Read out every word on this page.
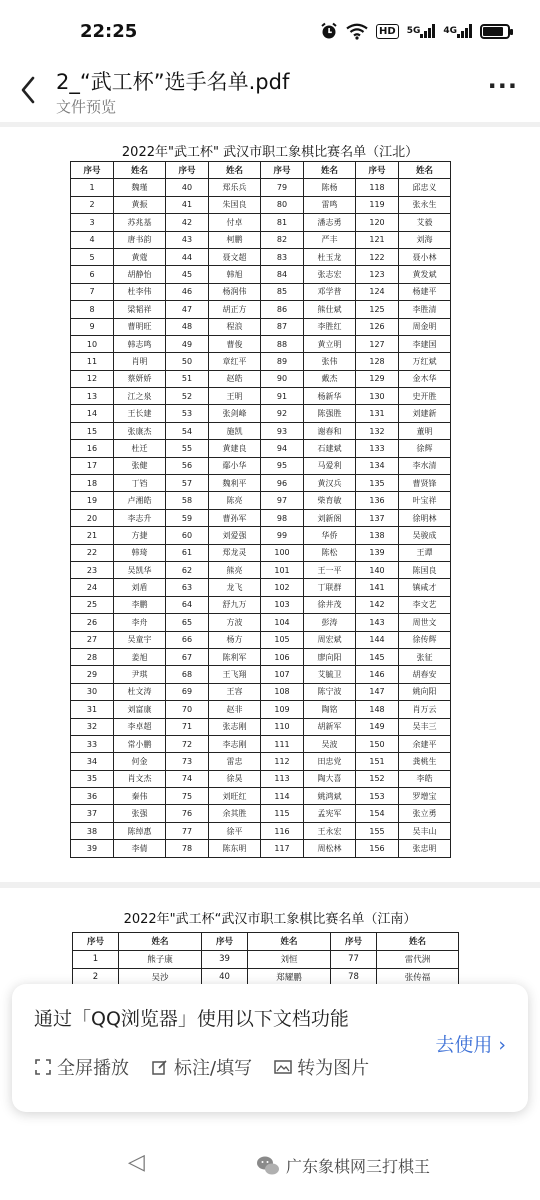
22:25	HD	5G	4G
2_“武工杯”选手名单.pdf
文件预览
···
2022年"武工杯" 武汉市职工象棋比赛名单（江北）
序号	姓名	序号	姓名	序号	姓名	序号	姓名
1	魏瑾	40	郑乐兵	79	陈杨	118	邱忠义
2	黄振	41	朱国良	80	雷鸣	119	张永生
3	苏兆基	42	付卓	81	潘志勇	120	艾毅
4	唐书韵	43	柯鹏	82	严丰	121	刘海
5	黄蔻	44	聂文超	83	杜玉龙	122	聂小林
6	胡静怡	45	韩旭	84	张志宏	123	黄发斌
7	杜李伟	46	杨润伟	85	邓学普	124	杨建平
8	梁韬祥	47	胡正方	86	熊仕斌	125	李胜清
9	曹明旺	48	程浪	87	李胜红	126	周金明
10	韩志鸣	49	曹俊	88	黄立明	127	李建国
11	肖明	50	章红平	89	张伟	128	万红斌
12	蔡妍娇	51	赵皓	90	戴杰	129	金木华
13	江之泉	52	王明	91	杨新华	130	史开胜
14	王长建	53	张剑峰	92	陈强胜	131	刘建新
15	张康杰	54	施凯	93	谢春和	132	董明
16	杜迁	55	黄建良	94	石建斌	133	徐辉
17	张健	56	鄢小华	95	马爱利	134	李水清
18	丁铛	57	魏利平	96	黄汉兵	135	曹贤锋
19	卢湘皓	58	陈亮	97	柴育敏	136	叶宝祥
20	李志升	59	曹孙军	98	刘新阁	137	徐明林
21	方捷	60	刘爱强	99	华侨	138	吴骏成
22	韩琦	61	郑龙灵	100	陈松	139	王谭
23	吴凯华	62	熊亮	101	王一平	140	陈国良
24	刘盾	63	龙飞	102	丁联群	141	镇咸才
25	李鹏	64	舒九万	103	徐井茂	142	李文艺
26	李舟	65	方波	104	彭涛	143	周世文
27	吴童宇	66	杨方	105	周宏斌	144	徐传辉
28	姜旭	67	陈利军	106	廖向阳	145	张征
29	尹琪	68	王飞翔	107	艾毓卫	146	胡春安
30	杜文涛	69	王容	108	陈宁波	147	姚向阳
31	刘富康	70	赵非	109	陶铭	148	肖万云
32	李卓超	71	张志刚	110	胡新军	149	吴丰三
33	常小鹏	72	李志刚	111	吴波	150	余建平
34	何金	73	雷忠	112	田忠党	151	龚桃生
35	肖文杰	74	徐昊	113	陶大喜	152	李皓
36	秦伟	75	刘旺红	114	姚鸿斌	153	罗增宝
37	张强	76	余其胜	115	孟宪军	154	张立勇
38	陈绰惠	77	徐平	116	王永宏	155	吴丰山
39	李倩	78	陈东明	117	周松林	156	张忠明
2022年"武工杯“武汉市职工象棋比赛名单（江南）
序号	姓名	序号	姓名	序号	姓名
1	熊子康	39	刘恒	77	雷代洲
2	吴沙	40	郑耀鹏	78	张传福

通过「QQ浏览器」使用以下文档功能
去使用 ›
全屏播放	标注/填写	转为图片
◁	广东象棋网三打棋王
